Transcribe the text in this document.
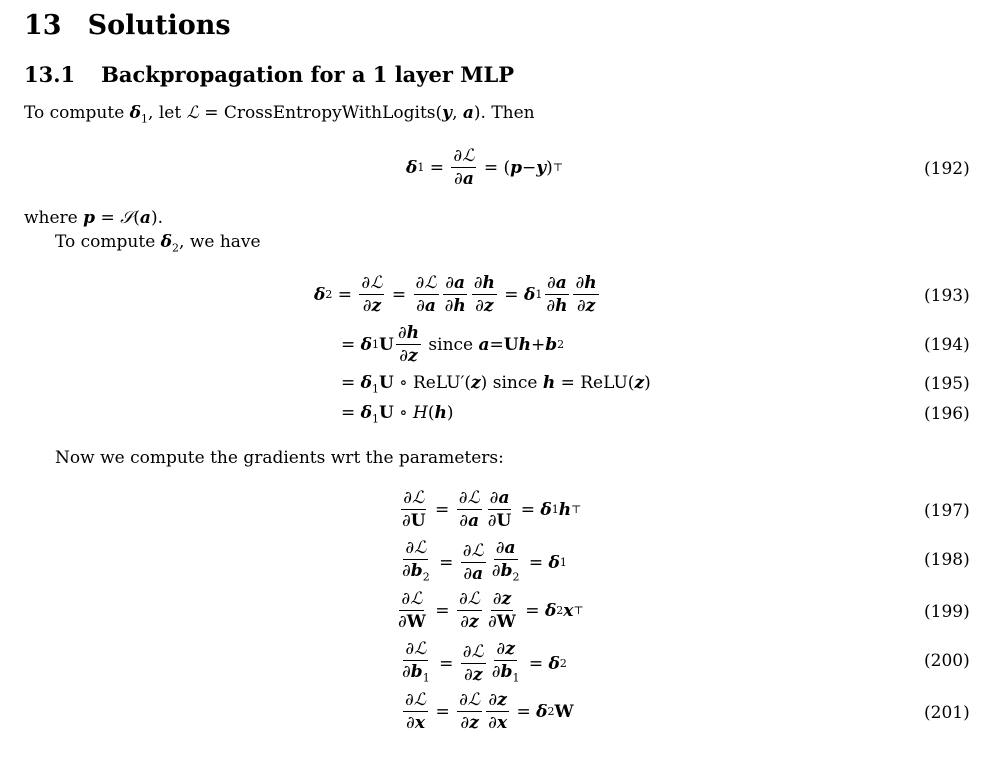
13 Solutions
13.1 Backpropagation for a 1 layer MLP
To compute $\delta_1$, let ℒ = CrossEntropyWithLogits(y, a). Then
δ $1 = \frac{\text{∂ℒ}}{\partial a}$ = ( p − y ) ⊤	(192)
where p = 𝒮(a).
To compute $\delta_2$, we have
δ $2 = \frac{\text{∂ℒ}}{\partial z} = \frac{\text{∂ℒ}}{\partial a} \frac{\partial a}{\partial h} \frac{\partial h}{\partial z} = \delta$ $1 \frac{\partial a}{\partial h} \frac{\partial h}{\partial z}$	(193)
= δ 1 U $\frac{\partial h}{\partial z}$
since
a = U h + b 2	(194)
= $\delta_1U$ ∘ ReLU′(z) since h = ReLU(z)	(195)
= $\delta_1U$ ∘ H(h)	(196)
Now we compute the gradients wrt the parameters:
$\frac{\text{∂ℒ}}{\partial U} = \frac{\text{∂ℒ}}{\partial a} \frac{\partial a}{\partial U} = \delta$ 1 h ⊤	(197)
$\frac{\text{∂ℒ}}{\partial b_2} = \frac{\text{∂ℒ}}{\partial a} \frac{\partial a}{\partial b_2} = \delta$ 1	(198)
$\frac{\text{∂ℒ}}{\partial W} = \frac{\text{∂ℒ}}{\partial z} \frac{\partial z}{\partial W} = \delta$ 2 x ⊤	(199)
$\frac{\text{∂ℒ}}{\partial b_1} = \frac{\text{∂ℒ}}{\partial z} \frac{\partial z}{\partial b_1} = \delta$ 2	(200)
$\frac{\text{∂ℒ}}{\partial x} = \frac{\text{∂ℒ}}{\partial z} \frac{\partial z}{\partial x} = \delta$ 2 W	(201)
